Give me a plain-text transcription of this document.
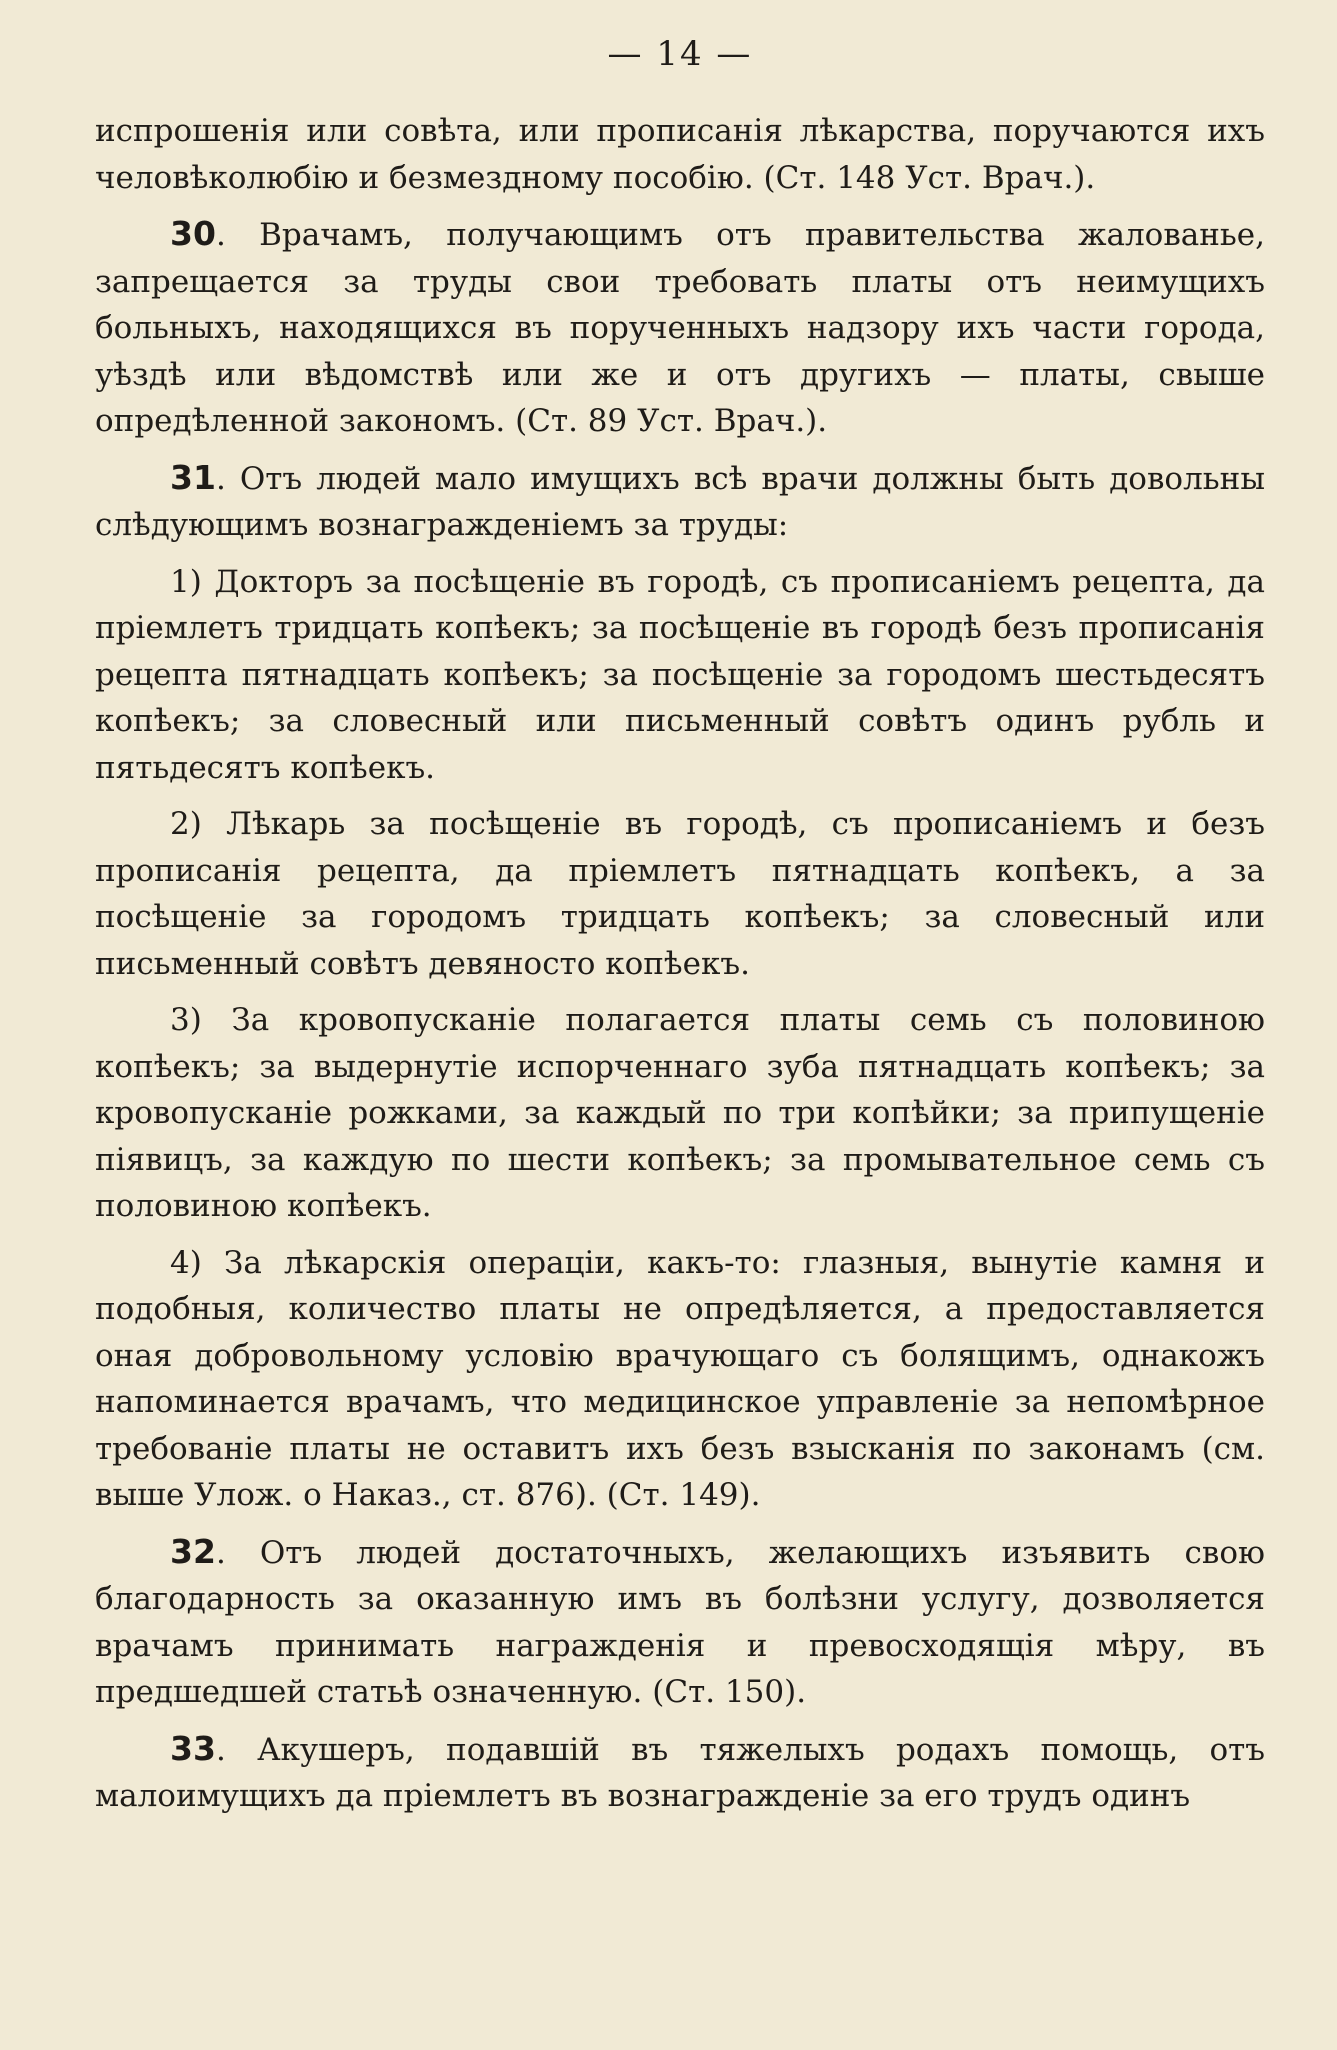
— 14 —

испрошенія или совѣта, или прописанія лѣкарства, поручаются ихъ человѣколюбію и безмездному пособію. (Ст. 148 Уст. Врач.).

30. Врачамъ, получающимъ отъ правительства жалованье, запрещается за труды свои требовать платы отъ неимущихъ больныхъ, находящихся въ порученныхъ надзору ихъ части города, уѣздѣ или вѣдомствѣ или же и отъ другихъ — платы, свыше опредѣленной закономъ. (Ст. 89 Уст. Врач.).

31. Отъ людей мало имущихъ всѣ врачи должны быть довольны слѣдующимъ вознагражденіемъ за труды:

1) Докторъ за посѣщеніе въ городѣ, съ прописаніемъ рецепта, да пріемлетъ тридцать копѣекъ; за посѣщеніе въ городѣ безъ прописанія рецепта пятнадцать копѣекъ; за посѣщеніе за городомъ шестьдесятъ копѣекъ; за словесный или письменный совѣтъ одинъ рубль и пятьдесятъ копѣекъ.

2) Лѣкарь за посѣщеніе въ городѣ, съ прописаніемъ и безъ прописанія рецепта, да пріемлетъ пятнадцать копѣекъ, а за посѣщеніе за городомъ тридцать копѣекъ; за словесный или письменный совѣтъ девяносто копѣекъ.

3) За кровопусканіе полагается платы семь съ половиною копѣекъ; за выдернутіе испорченнаго зуба пятнадцать копѣекъ; за кровопусканіе рожками, за каждый по три копѣйки; за припущеніе піявицъ, за каждую по шести копѣекъ; за промывательное семь съ половиною копѣекъ.

4) За лѣкарскія операціи, какъ-то: глазныя, вынутіе камня и подобныя, количество платы не опредѣляется, а предоставляется оная добровольному условію врачующаго съ болящимъ, однакожъ напоминается врачамъ, что медицинское управленіе за непомѣрное требованіе платы не оставитъ ихъ безъ взысканія по законамъ (см. выше Улож. о Наказ., ст. 876). (Ст. 149).

32. Отъ людей достаточныхъ, желающихъ изъявить свою благодарность за оказанную имъ въ болѣзни услугу, дозволяется врачамъ принимать награжденія и превосходящія мѣру, въ предшедшей статьѣ означенную. (Ст. 150).

33. Акушеръ, подавшій въ тяжелыхъ родахъ помощь, отъ малоимущихъ да пріемлетъ въ вознагражденіе за его трудъ одинъ
